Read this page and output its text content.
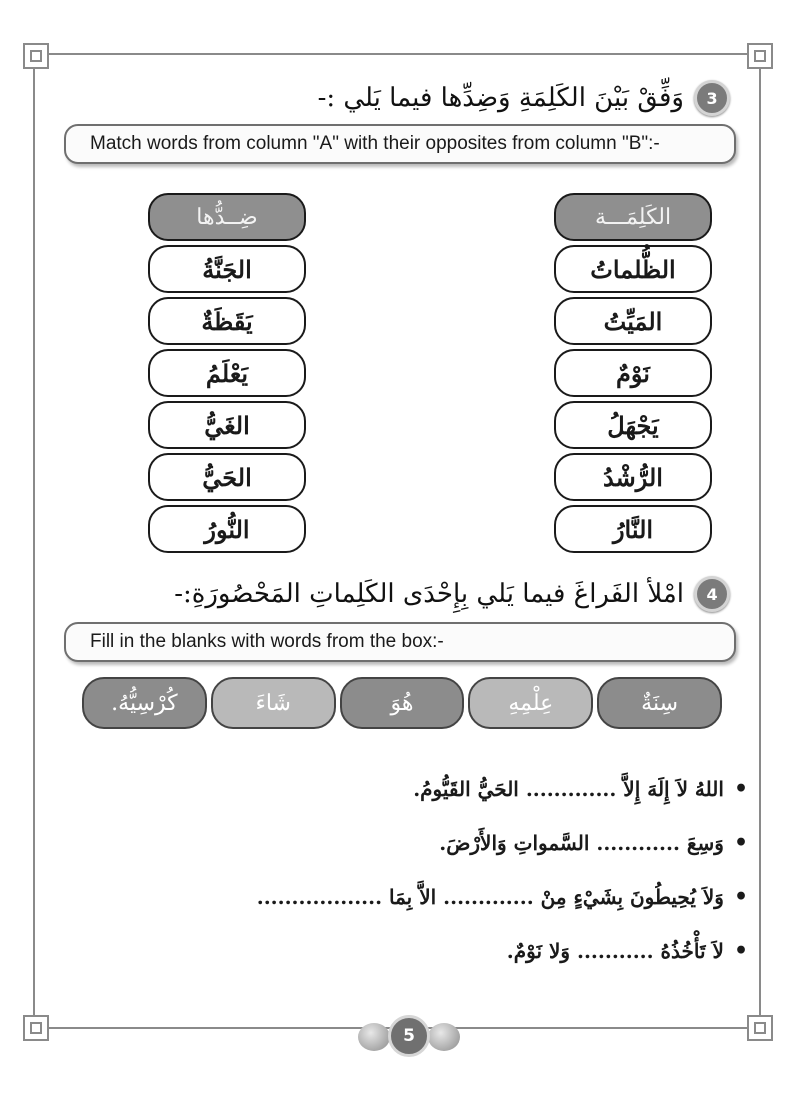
3
وَفِّقْ بَيْنَ الكَلِمَةِ وَضِدِّها فيما يَلي :-
Match words from column "A" with their opposites from column "B":-
الكَلِمَـــة
الظُّلماتُ
المَيِّتُ
نَوْمٌ
يَجْهَلُ
الرُّشْدُ
النَّارُ
ضِــدُّها
الجَنَّةُ
يَقَظَةٌ
يَعْلَمُ
الغَيُّ
الحَيُّ
النُّورُ
4
امْلأ الفَراغَ فيما يَلي بِإِحْدَى الكَلِماتِ المَحْصُورَةِ:-
Fill in the blanks with words from the box:-
سِنَةٌ
عِلْمِهِ
هُوَ
شَاءَ
كُرْسِيُّهُ.
•
اللهُ لاَ إِلَهَ إِلاَّ ............. الحَيُّ القَيُّومُ.
•
وَسِعَ ............ السَّمواتِ وَالأَرْضَ.
•
وَلاَ يُحِيطُونَ بِشَيْءٍ مِنْ ............. الاَّ بِمَا ..................
•
لاَ تَأْخُذُهُ ........... وَلا نَوْمٌ.
5
